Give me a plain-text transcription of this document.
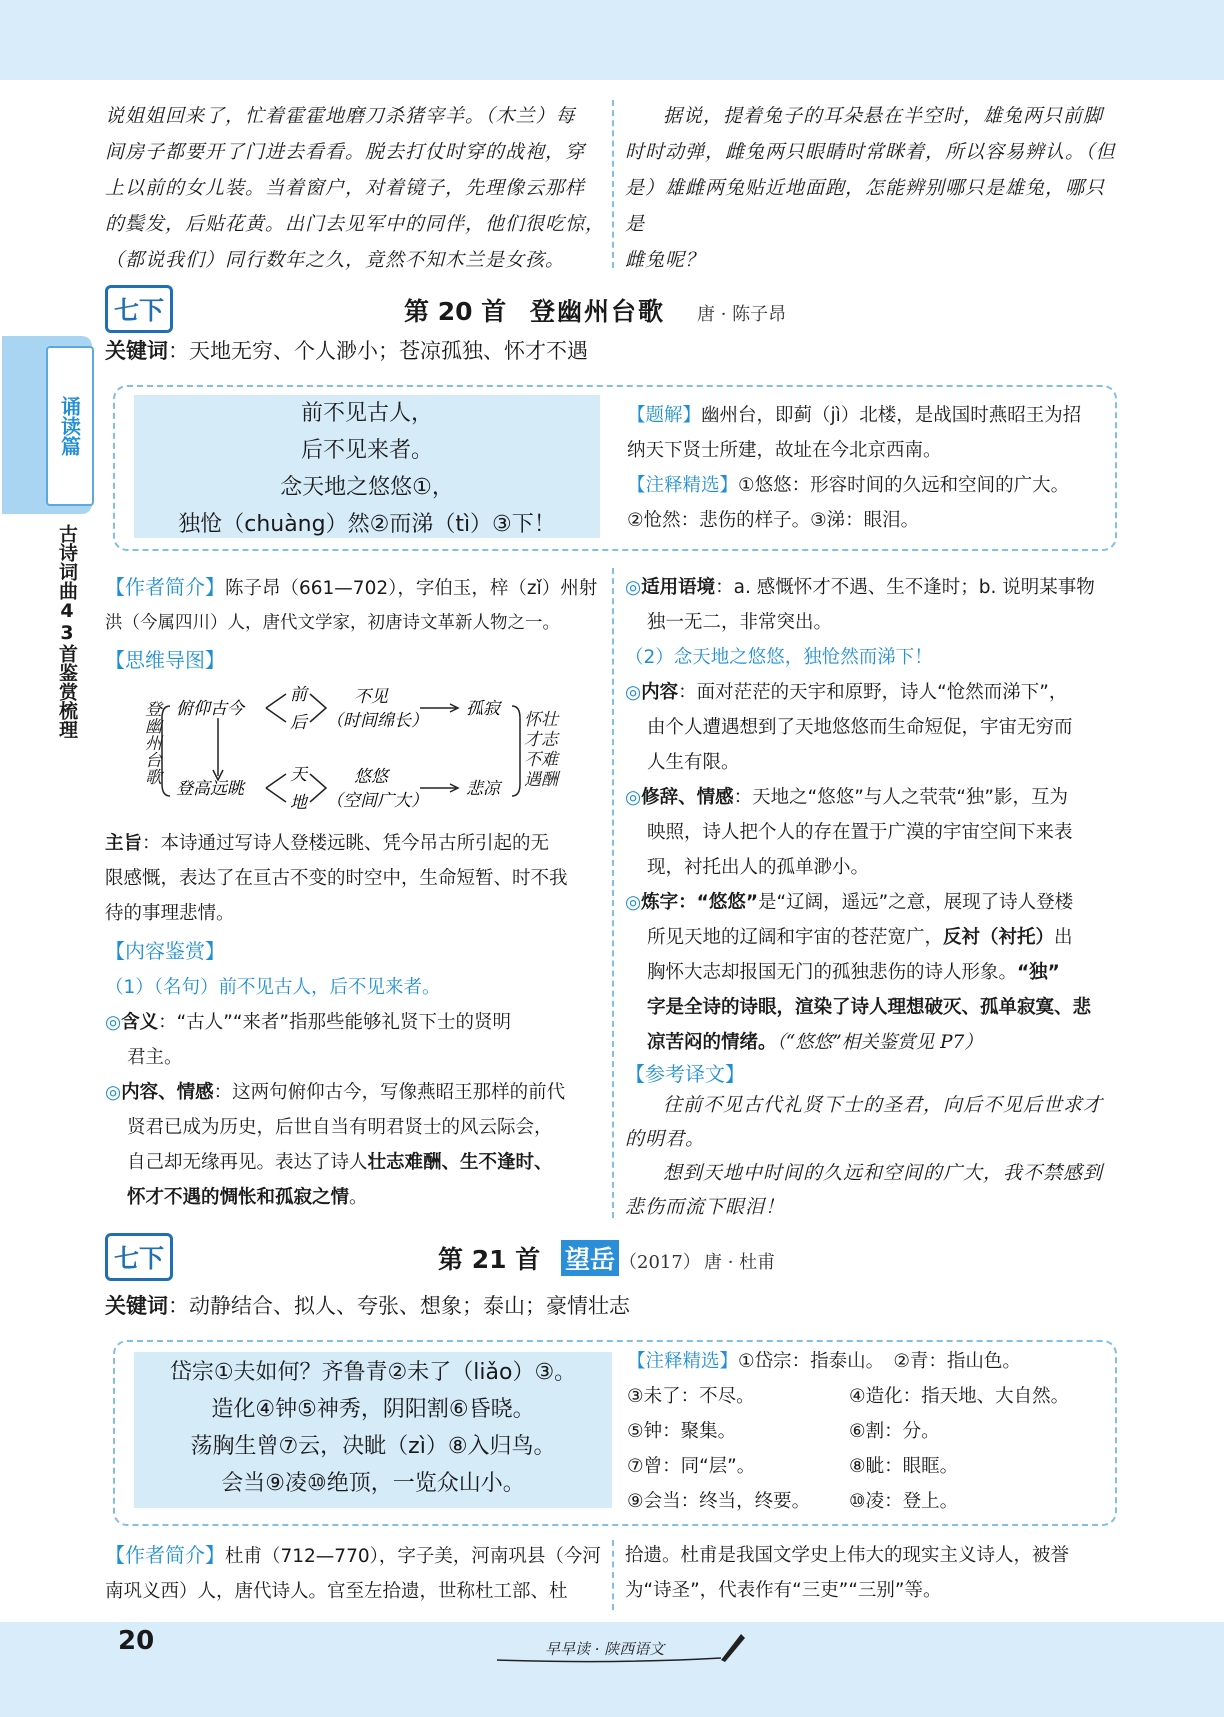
诵读篇
古诗词曲43首鉴赏梳理
说姐姐回来了，忙着霍霍地磨刀杀猪宰羊。（木兰）每
间房子都要开了门进去看看。脱去打仗时穿的战袍，穿
上以前的女儿装。当着窗户，对着镜子，先理像云那样
的鬓发，后贴花黄。出门去见军中的同伴，他们很吃惊，
（都说我们）同行数年之久，竟然不知木兰是女孩。
据说，提着兔子的耳朵悬在半空时，雄兔两只前脚
时时动弹，雌兔两只眼睛时常眯着，所以容易辨认。（但
是）雄雌两兔贴近地面跑，怎能辨别哪只是雄兔，哪只是
雌兔呢？
七下	第 20 首 登幽州台歌 唐 · 陈子昂
关键词：天地无穷、个人渺小；苍凉孤独、怀才不遇
前不见古人，
后不见来者。
念天地之悠悠①，
独怆（chuàng）然②而涕（tì）③下！
【题解】幽州台，即蓟（jì）北楼，是战国时燕昭王为招
纳天下贤士所建，故址在今北京西南。
【注释精选】①悠悠：形容时间的久远和空间的广大。
②怆然：悲伤的样子。③涕：眼泪。
【作者简介】陈子昂（661—702），字伯玉，梓（zǐ）州射
洪（今属四川）人，唐代文学家，初唐诗文革新人物之一。
【思维导图】
俯仰古今
登高远眺
前
后
天
地
不见
（时间绵长）
悠悠
（空间广大）
孤寂
悲凉
登幽州台歌	怀壮才志不难遇酬
主旨：本诗通过写诗人登楼远眺、凭今吊古所引起的无
限感慨，表达了在亘古不变的时空中，生命短暂、时不我
待的事理悲情。
【内容鉴赏】
（1）（名句）前不见古人，后不见来者。
◎含义：“古人”“来者”指那些能够礼贤下士的贤明
君主。
◎内容、情感：这两句俯仰古今，写像燕昭王那样的前代
贤君已成为历史，后世自当有明君贤士的风云际会，
自己却无缘再见。表达了诗人壮志难酬、生不逢时、
怀才不遇的惆怅和孤寂之情。
◎适用语境：a. 感慨怀才不遇、生不逢时；b. 说明某事物
独一无二，非常突出。
（2）念天地之悠悠，独怆然而涕下！
◎内容：面对茫茫的天宇和原野，诗人“怆然而涕下”，
由个人遭遇想到了天地悠悠而生命短促，宇宙无穷而
人生有限。
◎修辞、情感：天地之“悠悠”与人之茕茕“独”影，互为
映照，诗人把个人的存在置于广漠的宇宙空间下来表
现，衬托出人的孤单渺小。
◎炼字：“悠悠”是“辽阔，遥远”之意，展现了诗人登楼
所见天地的辽阔和宇宙的苍茫宽广，反衬（衬托）出
胸怀大志却报国无门的孤独悲伤的诗人形象。“独”
字是全诗的诗眼，渲染了诗人理想破灭、孤单寂寞、悲
凉苦闷的情绪。（“悠悠”相关鉴赏见 P7）
【参考译文】
往前不见古代礼贤下士的圣君，向后不见后世求才
的明君。
想到天地中时间的久远和空间的广大，我不禁感到
悲伤而流下眼泪！
七下	第 21 首 望岳 （2017） 唐 · 杜甫
关键词：动静结合、拟人、夸张、想象；泰山；豪情壮志
岱宗①夫如何？齐鲁青②未了（liǎo）③。
造化④钟⑤神秀，阴阳割⑥昏晓。
荡胸生曾⑦云，决眦（zì）⑧入归鸟。
会当⑨凌⑩绝顶，一览众山小。
【注释精选】①岱宗：指泰山。　②青：指山色。
③未了：不尽。	④造化：指天地、大自然。
⑤钟：聚集。	⑥割：分。
⑦曾：同“层”。	⑧眦：眼眶。
⑨会当：终当，终要。	⑩凌：登上。
【作者简介】杜甫（712—770），字子美，河南巩县（今河
南巩义西）人，唐代诗人。官至左拾遗，世称杜工部、杜
拾遗。杜甫是我国文学史上伟大的现实主义诗人，被誉
为“诗圣”，代表作有“三吏”“三别”等。
20	早早读 · 陕西语文
